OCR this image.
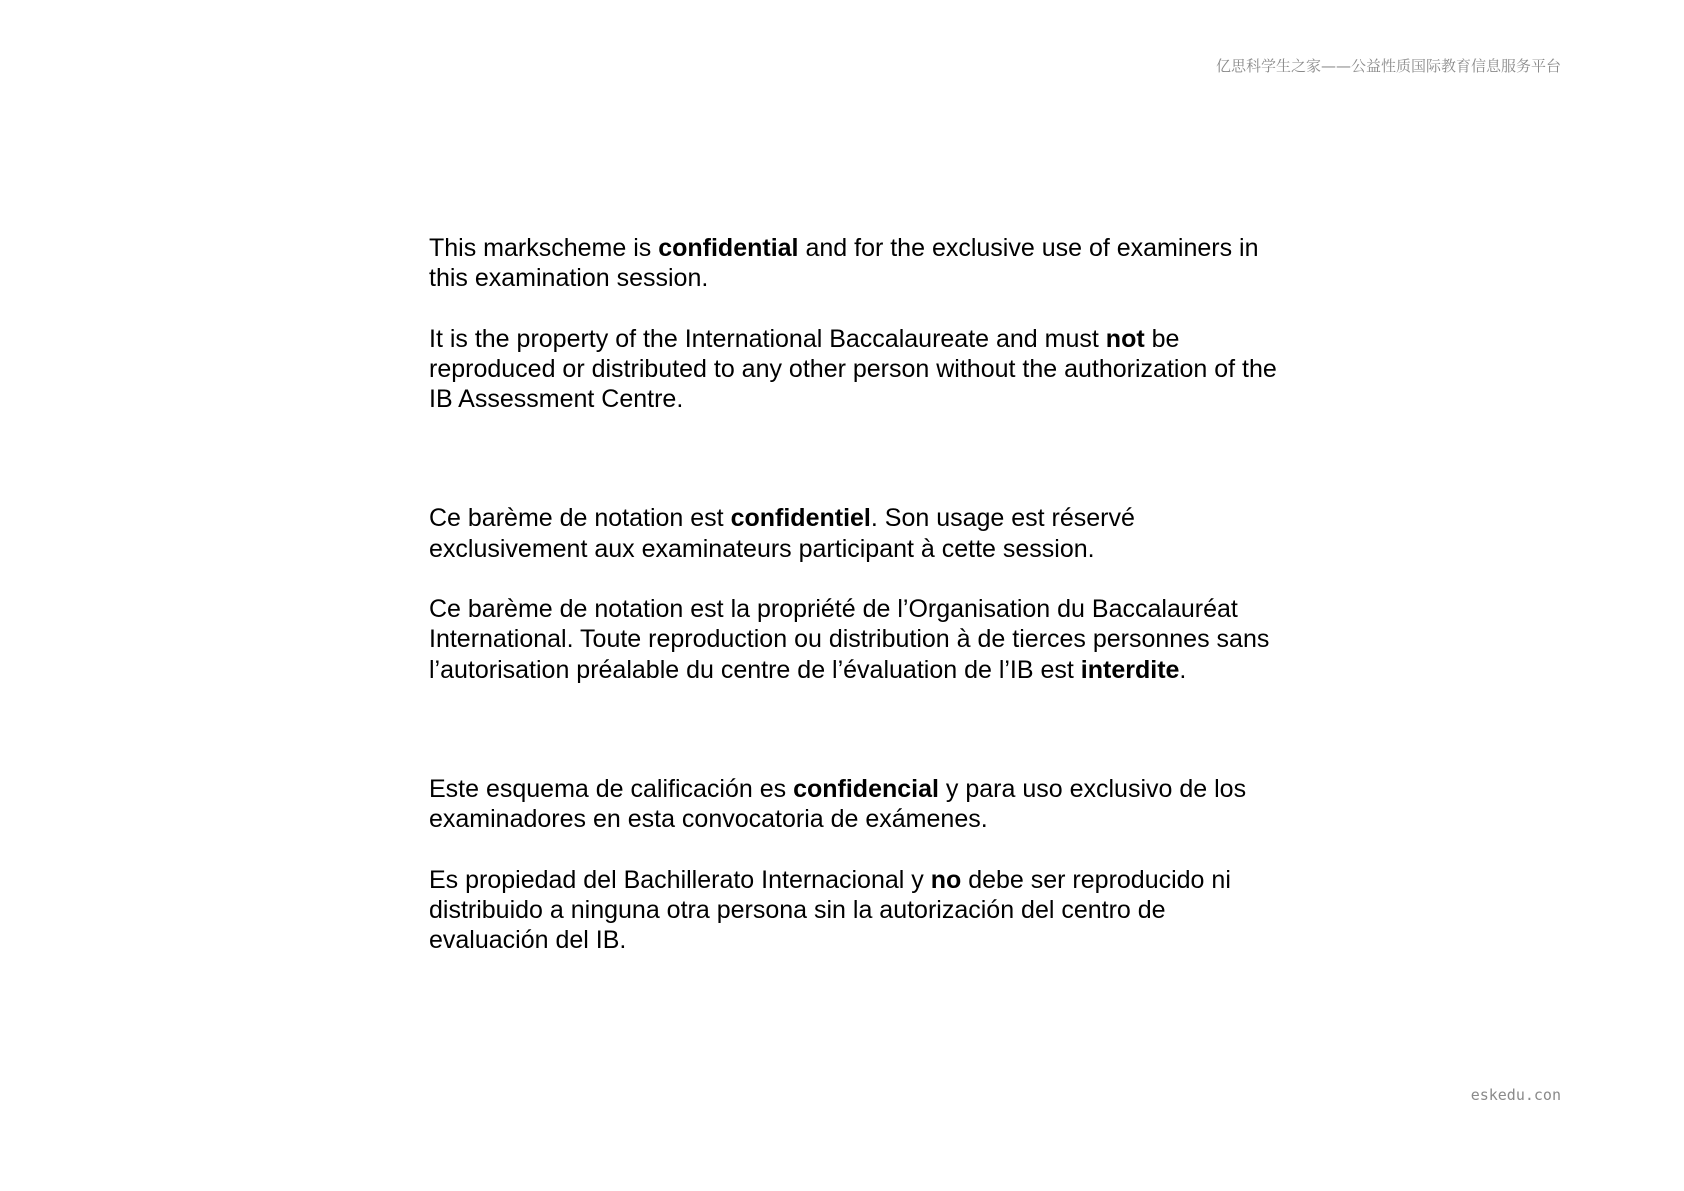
亿思科学生之家——公益性质国际教育信息服务平台

This markscheme is confidential and for the exclusive use of examiners in this examination session.

It is the property of the International Baccalaureate and must not be reproduced or distributed to any other person without the authorization of the IB Assessment Centre.

Ce barème de notation est confidentiel. Son usage est réservé exclusivement aux examinateurs participant à cette session.

Ce barème de notation est la propriété de l’Organisation du Baccalauréat International. Toute reproduction ou distribution à de tierces personnes sans l’autorisation préalable du centre de l’évaluation de l’IB est interdite.

Este esquema de calificación es confidencial y para uso exclusivo de los examinadores en esta convocatoria de exámenes.

Es propiedad del Bachillerato Internacional y no debe ser reproducido ni distribuido a ninguna otra persona sin la autorización del centro de evaluación del IB.

eskedu.con
